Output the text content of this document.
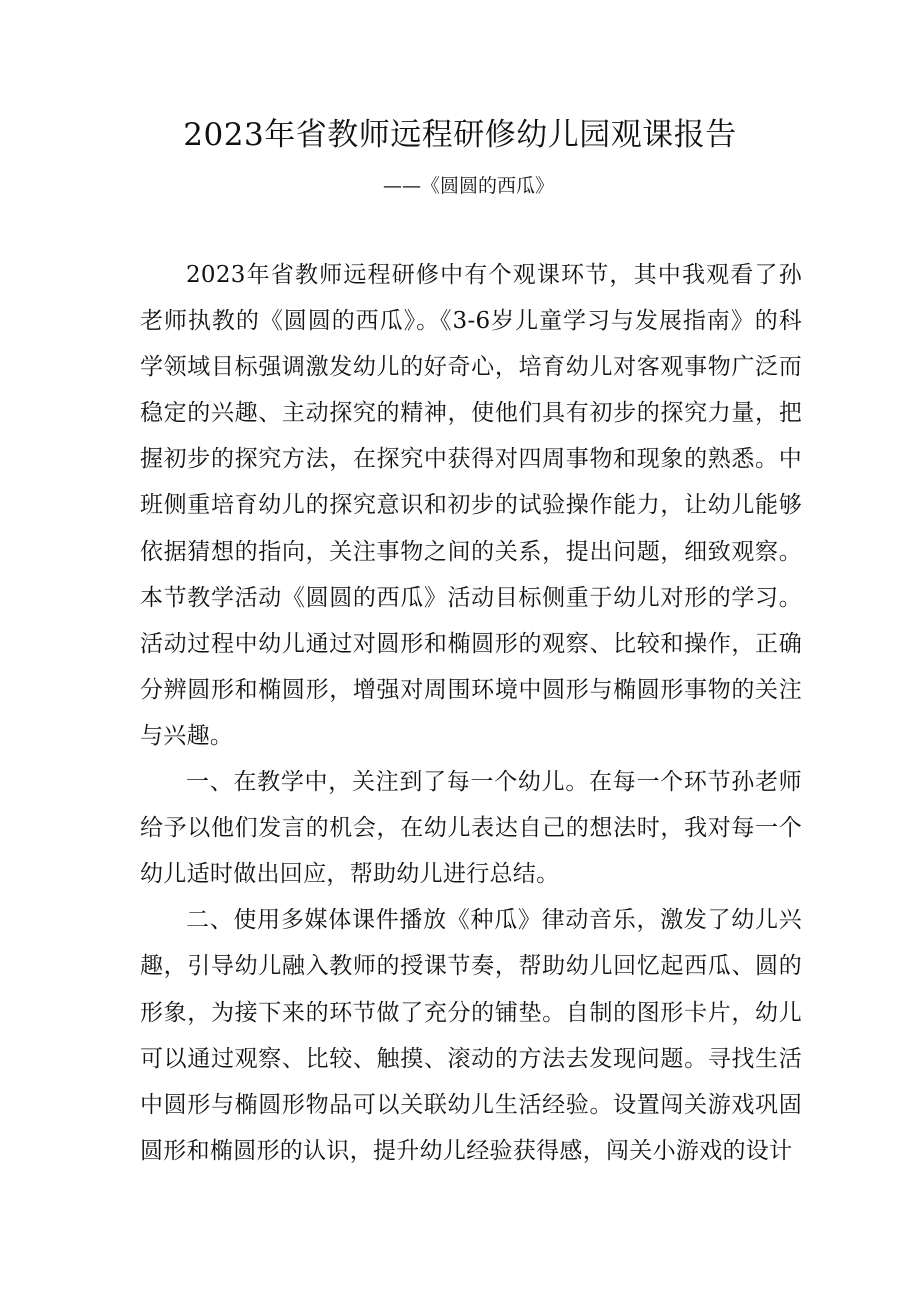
2023年省教师远程研修幼儿园观课报告
——《圆圆的西瓜》

2023年省教师远程研修中有个观课环节，其中我观看了孙老师执教的《圆圆的西瓜》。《3-6岁儿童学习与发展指南》的科学领域目标强调激发幼儿的好奇心，培育幼儿对客观事物广泛而稳定的兴趣、主动探究的精神，使他们具有初步的探究力量，把握初步的探究方法，在探究中获得对四周事物和现象的熟悉。中班侧重培育幼儿的探究意识和初步的试验操作能力，让幼儿能够依据猜想的指向，关注事物之间的关系，提出问题，细致观察。本节教学活动《圆圆的西瓜》活动目标侧重于幼儿对形的学习。活动过程中幼儿通过对圆形和椭圆形的观察、比较和操作，正确分辨圆形和椭圆形，增强对周围环境中圆形与椭圆形事物的关注与兴趣。

一、在教学中，关注到了每一个幼儿。在每一个环节孙老师给予以他们发言的机会，在幼儿表达自己的想法时，我对每一个幼儿适时做出回应，帮助幼儿进行总结。

二、使用多媒体课件播放《种瓜》律动音乐，激发了幼儿兴趣，引导幼儿融入教师的授课节奏，帮助幼儿回忆起西瓜、圆的形象，为接下来的环节做了充分的铺垫。自制的图形卡片，幼儿可以通过观察、比较、触摸、滚动的方法去发现问题。寻找生活中圆形与椭圆形物品可以关联幼儿生活经验。设置闯关游戏巩固圆形和椭圆形的认识，提升幼儿经验获得感，闯关小游戏的设计
